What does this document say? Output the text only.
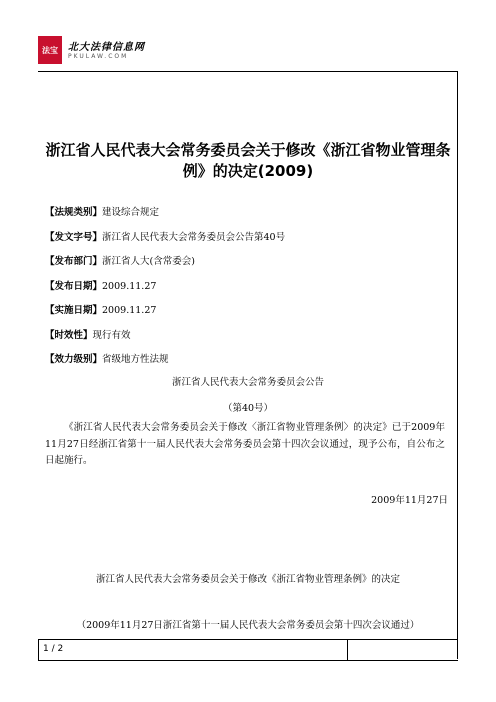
法宝	北大法律信息网
PKULAW.COM
浙江省人民代表大会常务委员会关于修改《浙江省物业管理条例》的决定(2009)
【法规类别】建设综合规定
【发文字号】浙江省人民代表大会常务委员会公告第40号
【发布部门】浙江省人大(含常委会)
【发布日期】2009.11.27
【实施日期】2009.11.27
【时效性】现行有效
【效力级别】省级地方性法规
浙江省人民代表大会常务委员会公告
（第40号）
《浙江省人民代表大会常务委员会关于修改〈浙江省物业管理条例〉的决定》已于2009年11月27日经浙江省第十一届人民代表大会常务委员会第十四次会议通过，现予公布，自公布之日起施行。
2009年11月27日
浙江省人民代表大会常务委员会关于修改《浙江省物业管理条例》的决定
（2009年11月27日浙江省第十一届人民代表大会常务委员会第十四次会议通过）
1 / 2
